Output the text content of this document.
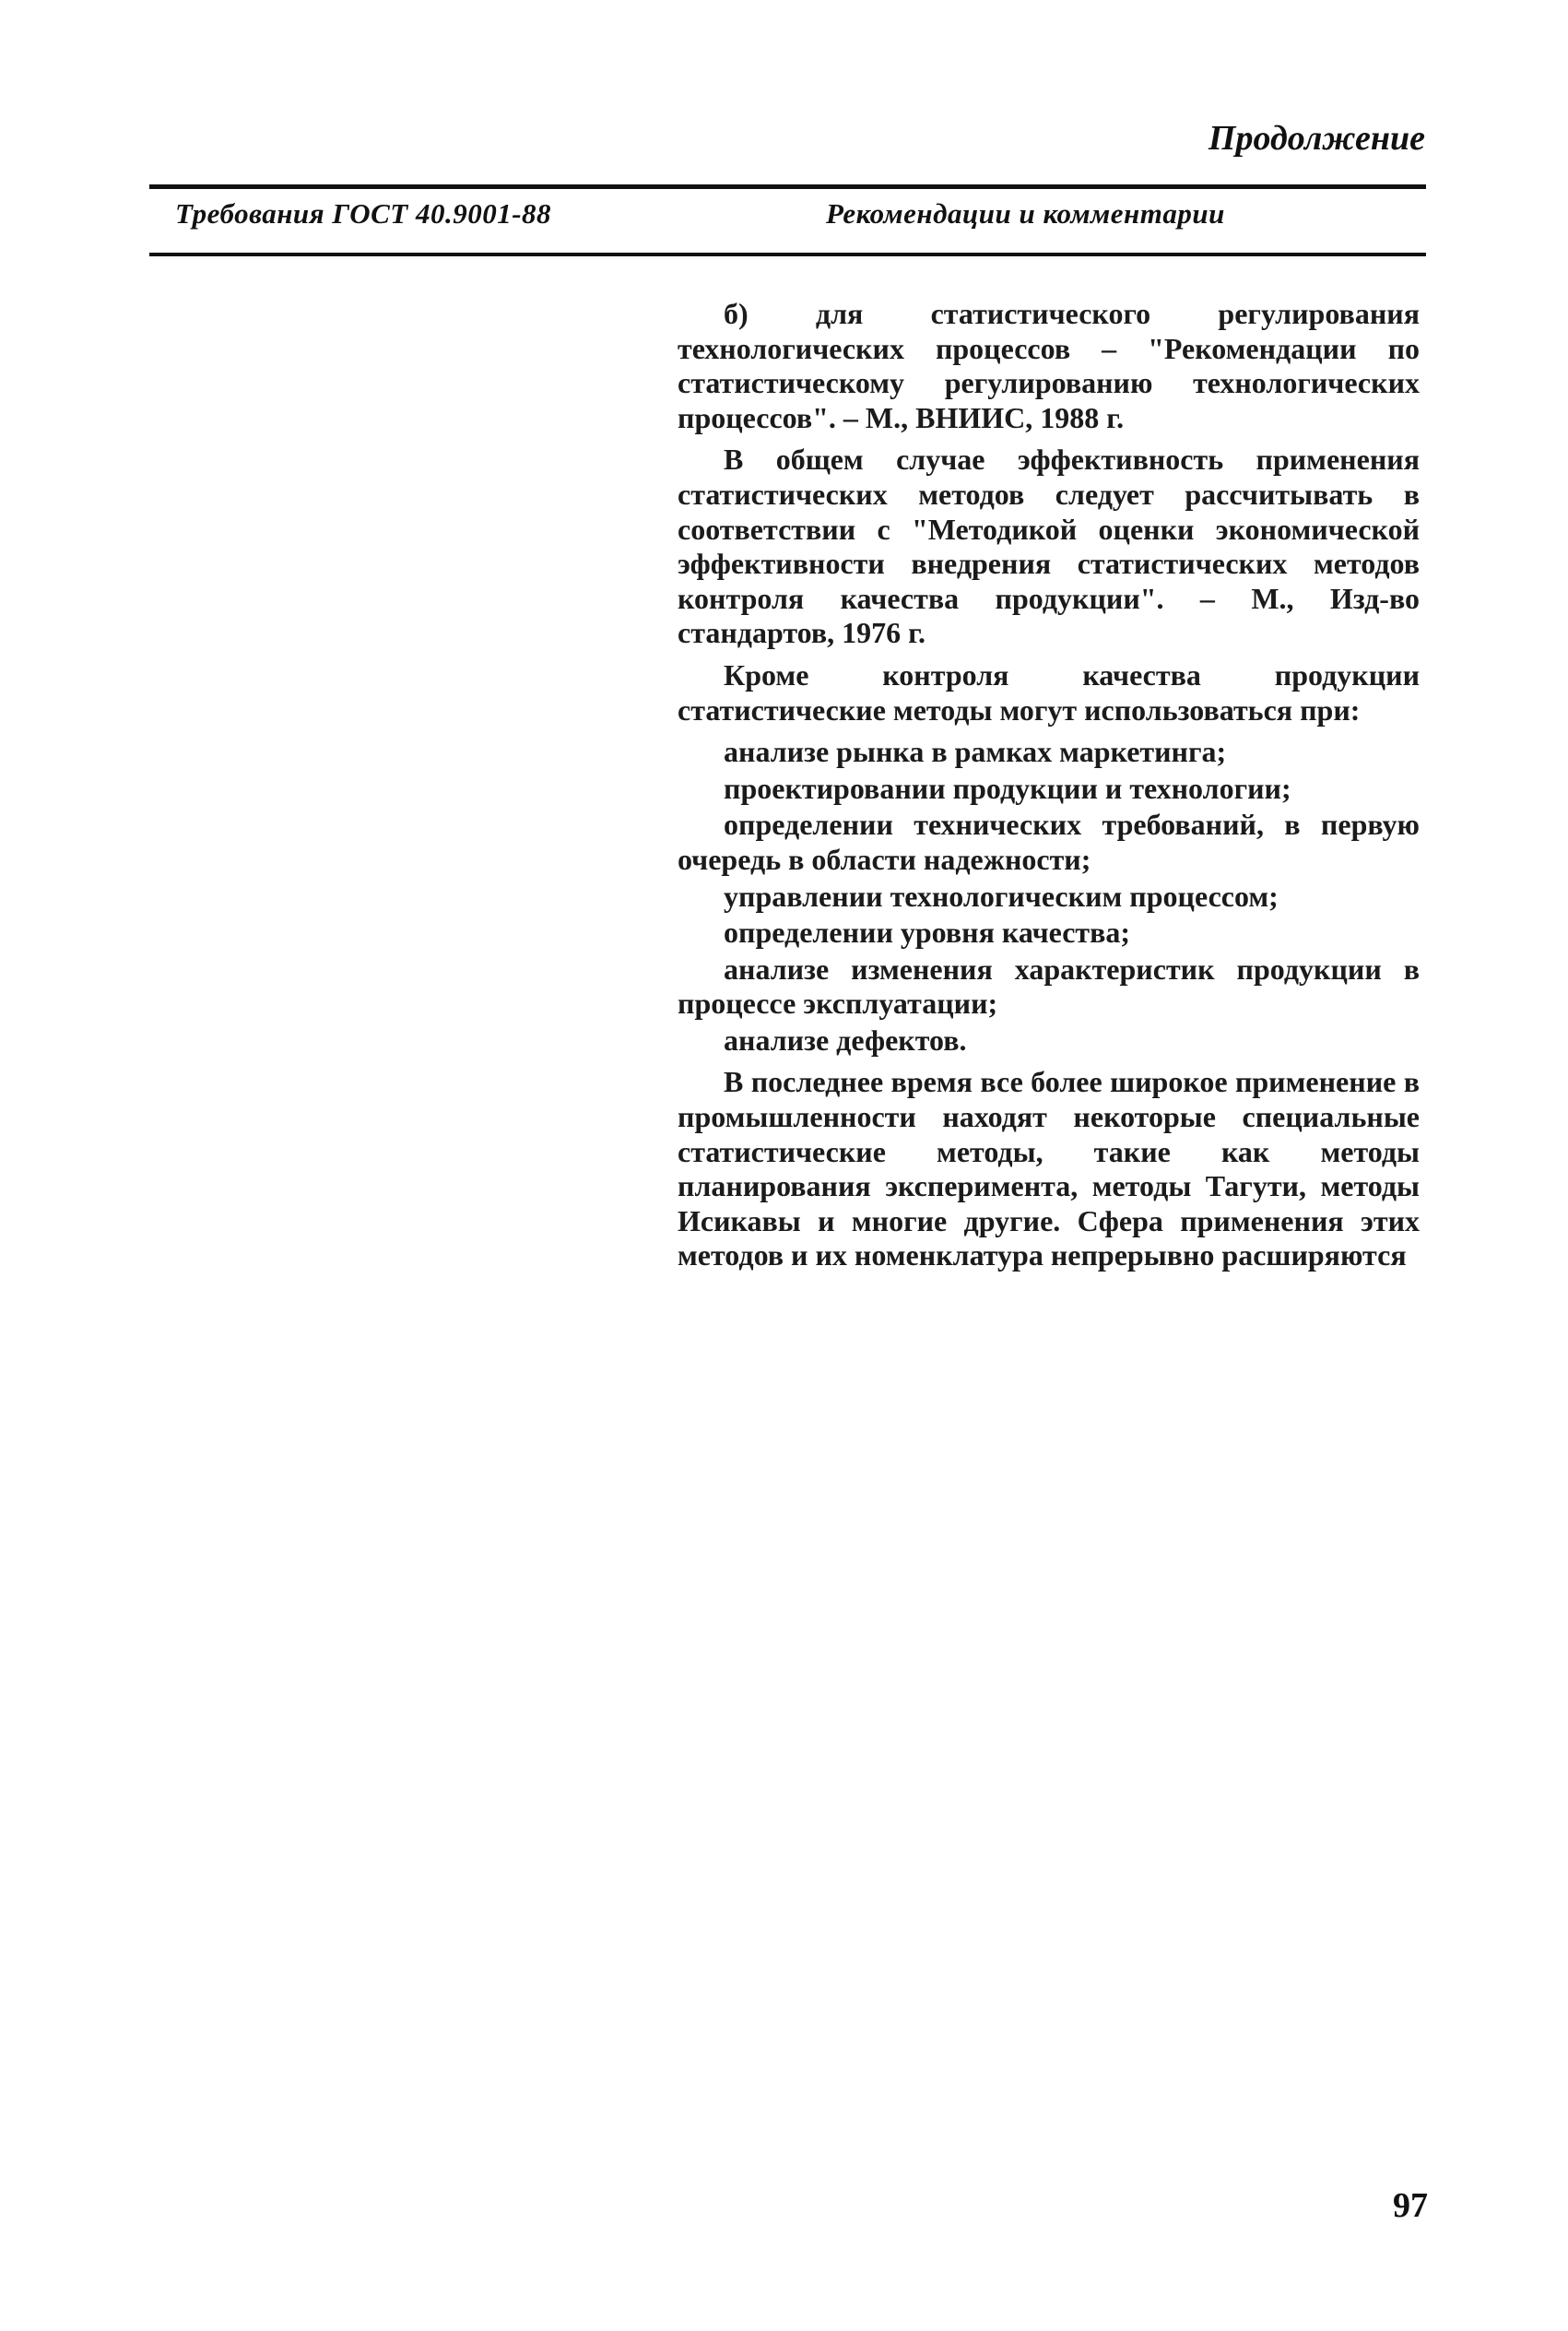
Продолжение
Требования ГОСТ 40.9001-88	Рекомендации и комментарии

б) для статистического регулирования технологических процессов – "Рекомендации по статистическому регулированию технологических процессов". – М., ВНИИС, 1988 г.

В общем случае эффективность применения статистических методов следует рассчитывать в соответствии с "Методикой оценки экономической эффективности внедрения статистических методов контроля качества продукции". – М., Изд-во стандартов, 1976 г.

Кроме контроля качества продукции статистические методы могут использоваться при:

анализе рынка в рамках маркетинга;
проектировании продукции и технологии;
определении технических требований, в первую очередь в области надежности;
управлении технологическим процессом;
определении уровня качества;
анализе изменения характеристик продукции в процессе эксплуатации;
анализе дефектов.

В последнее время все более широкое применение в промышленности находят некоторые специальные статистические методы, такие как методы планирования эксперимента, методы Тагути, методы Исикавы и многие другие. Сфера применения этих методов и их номенклатура непрерывно расширяются

97
